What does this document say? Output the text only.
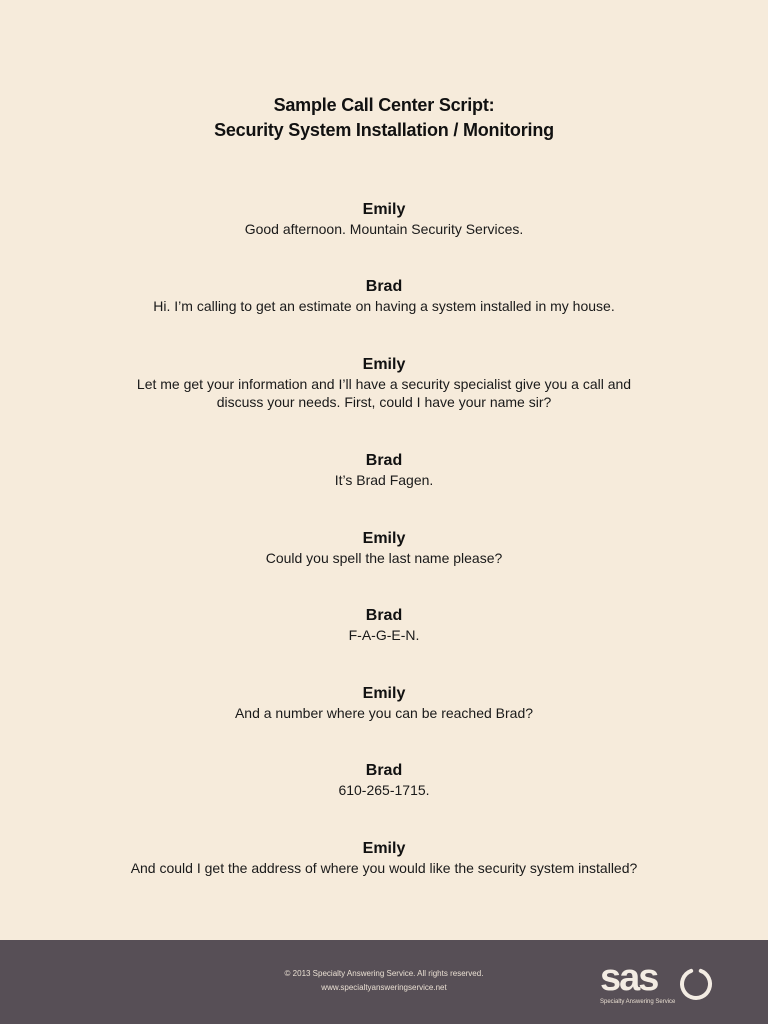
Sample Call Center Script:
Security System Installation / Monitoring
Emily
Good afternoon. Mountain Security Services.
Brad
Hi. I’m calling to get an estimate on having a system installed in my house.
Emily
Let me get your information and I’ll have a security specialist give you a call and
discuss your needs. First, could I have your name sir?
Brad
It’s Brad Fagen.
Emily
Could you spell the last name please?
Brad
F-A-G-E-N.
Emily
And a number where you can be reached Brad?
Brad
610-265-1715.
Emily
And could I get the address of where you would like the security system installed?
© 2013 Specialty Answering Service. All rights reserved.
www.specialtyansweringservice.net	sas
Specialty Answering Service
